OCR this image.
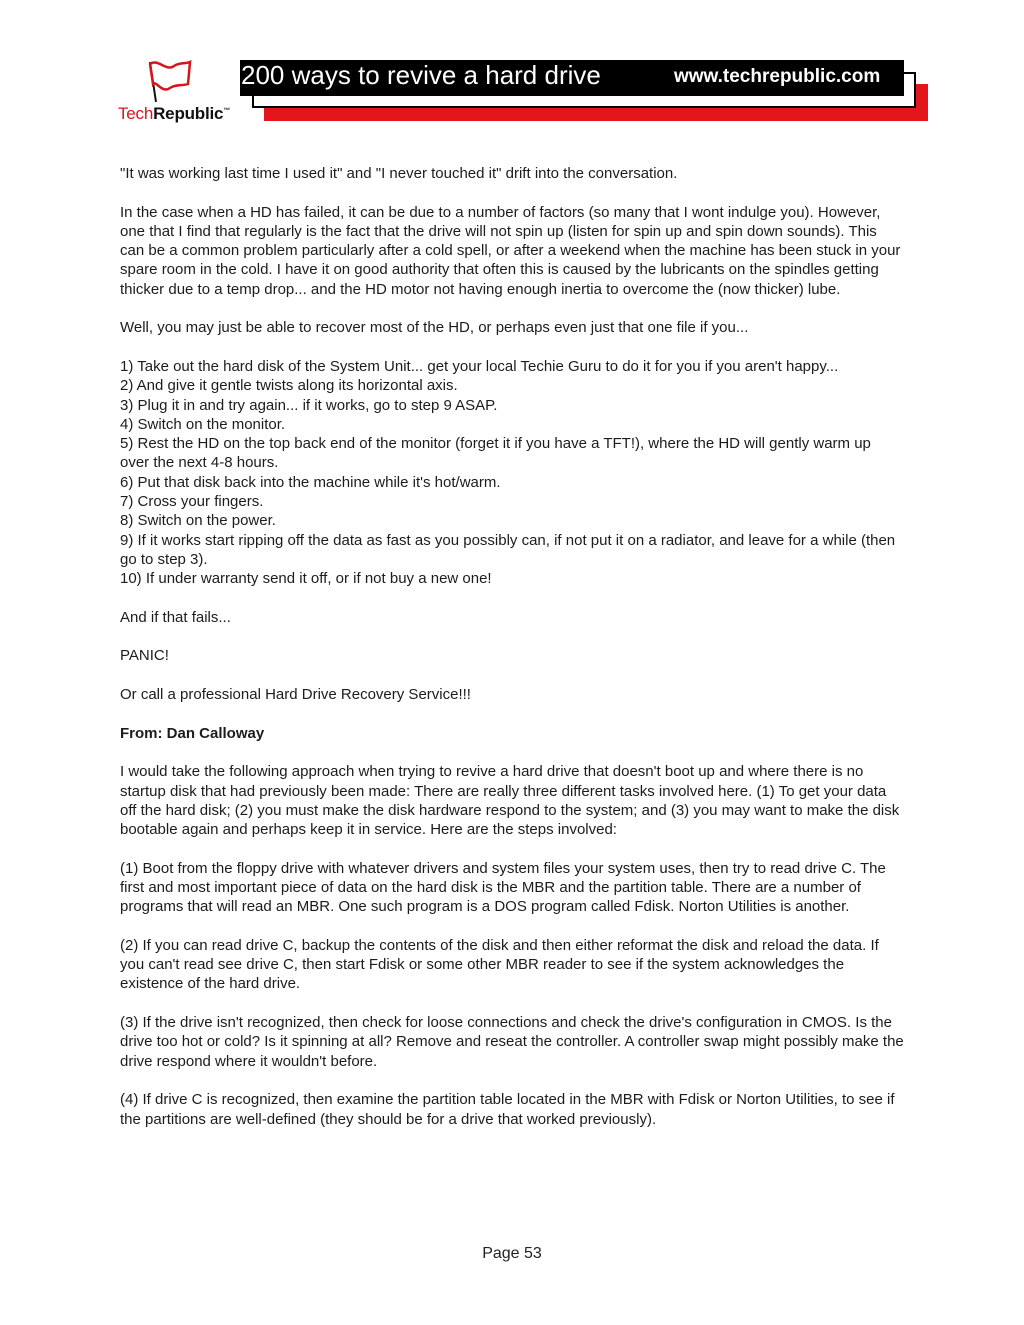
TechRepublic™
200 ways to revive a hard drive	www.techrepublic.com

"It was working last time I used it" and "I never touched it" drift into the conversation.

In the case when a HD has failed, it can be due to a number of factors (so many that I wont indulge you). However, one that I find that regularly is the fact that the drive will not spin up (listen for spin up and spin down sounds). This can be a common problem particularly after a cold spell, or after a weekend when the machine has been stuck in your spare room in the cold. I have it on good authority that often this is caused by the lubricants on the spindles getting thicker due to a temp drop... and the HD motor not having enough inertia to overcome the (now thicker) lube.

Well, you may just be able to recover most of the HD, or perhaps even just that one file if you...

1) Take out the hard disk of the System Unit... get your local Techie Guru to do it for you if you aren't happy...

2) And give it gentle twists along its horizontal axis.

3) Plug it in and try again... if it works, go to step 9 ASAP.

4) Switch on the monitor.

5) Rest the HD on the top back end of the monitor (forget it if you have a TFT!), where the HD will gently warm up over the next 4-8 hours.

6) Put that disk back into the machine while it's hot/warm.

7) Cross your fingers.

8) Switch on the power.

9) If it works start ripping off the data as fast as you possibly can, if not put it on a radiator, and leave for a while (then go to step 3).

10) If under warranty send it off, or if not buy a new one!

And if that fails...

PANIC!

Or call a professional Hard Drive Recovery Service!!!

From: Dan Calloway

I would take the following approach when trying to revive a hard drive that doesn't boot up and where there is no startup disk that had previously been made: There are really three different tasks involved here. (1) To get your data off the hard disk; (2) you must make the disk hardware respond to the system; and (3) you may want to make the disk bootable again and perhaps keep it in service. Here are the steps involved:

(1) Boot from the floppy drive with whatever drivers and system files your system uses, then try to read drive C. The first and most important piece of data on the hard disk is the MBR and the partition table. There are a number of programs that will read an MBR. One such program is a DOS program called Fdisk. Norton Utilities is another.

(2) If you can read drive C, backup the contents of the disk and then either reformat the disk and reload the data. If you can't read see drive C, then start Fdisk or some other MBR reader to see if the system acknowledges the existence of the hard drive.

(3) If the drive isn't recognized, then check for loose connections and check the drive's configuration in CMOS. Is the drive too hot or cold? Is it spinning at all? Remove and reseat the controller. A controller swap might possibly make the drive respond where it wouldn't before.

(4) If drive C is recognized, then examine the partition table located in the MBR with Fdisk or Norton Utilities, to see if the partitions are well-defined (they should be for a drive that worked previously).

Page 53
